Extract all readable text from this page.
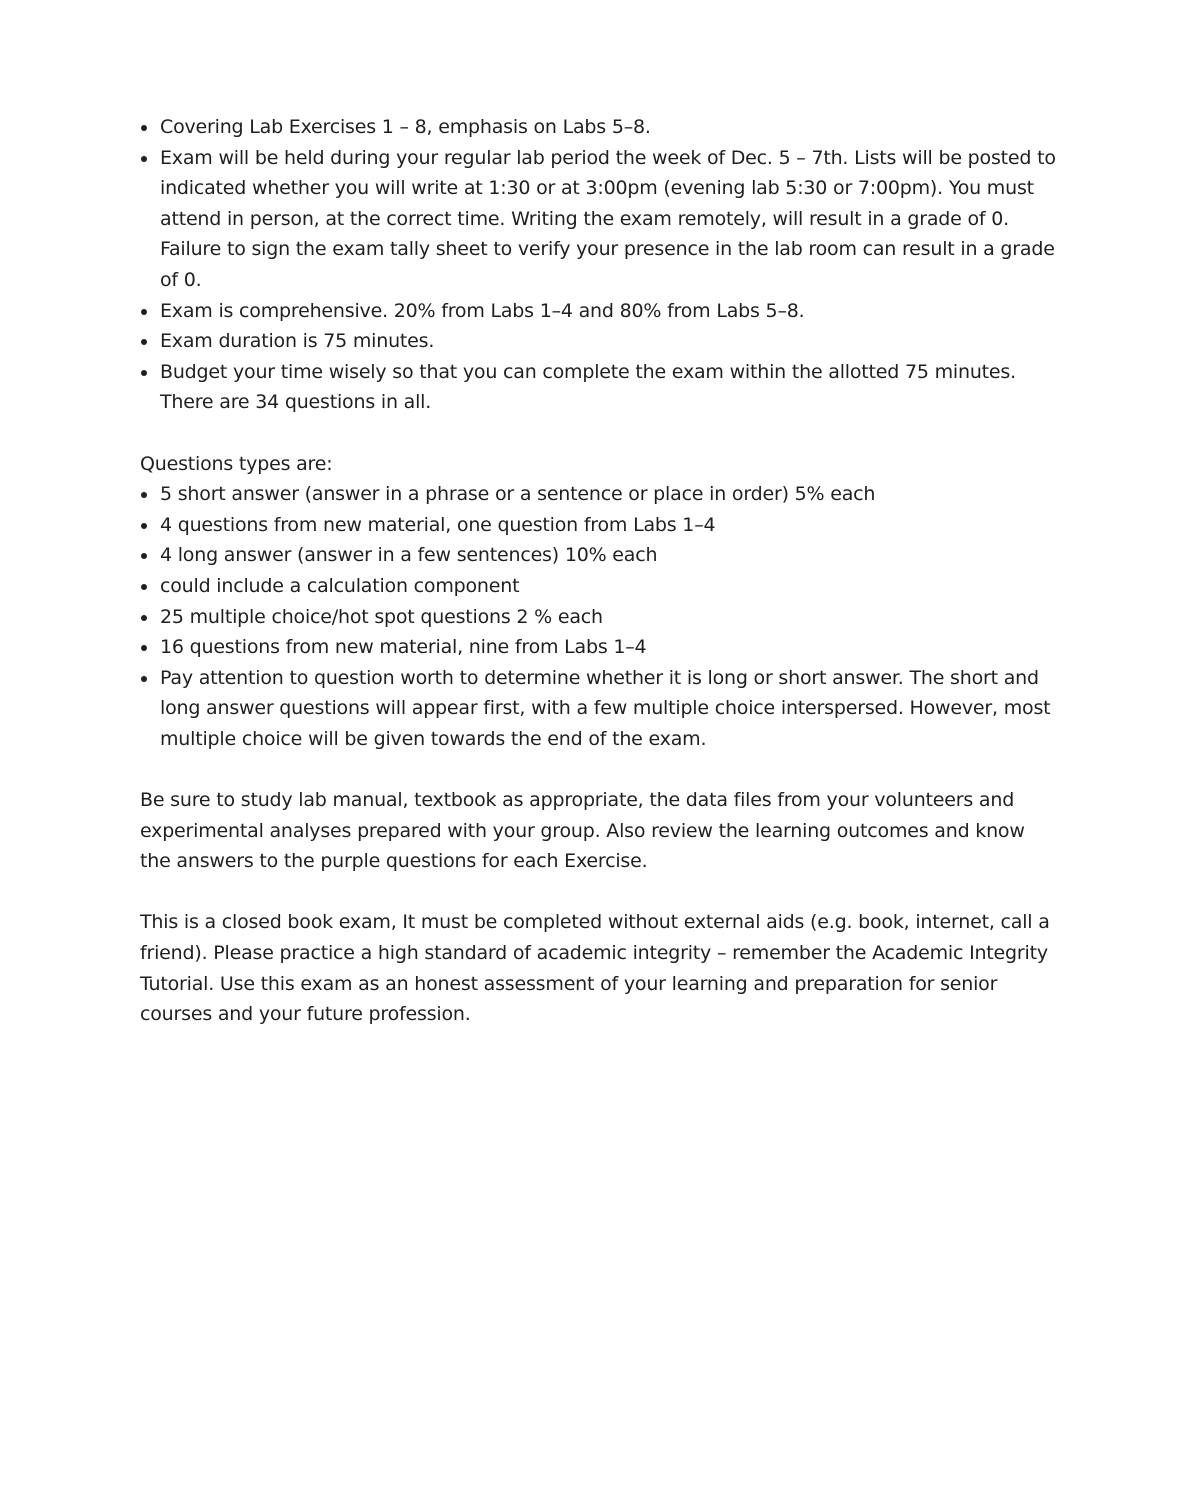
Covering Lab Exercises 1 – 8, emphasis on Labs 5–8.
Exam will be held during your regular lab period the week of Dec. 5 – 7th. Lists will be posted to indicated whether you will write at 1:30 or at 3:00pm (evening lab 5:30 or 7:00pm). You must attend in person, at the correct time. Writing the exam remotely, will result in a grade of 0. Failure to sign the exam tally sheet to verify your presence in the lab room can result in a grade of 0.
Exam is comprehensive. 20% from Labs 1–4 and 80% from Labs 5–8.
Exam duration is 75 minutes.
Budget your time wisely so that you can complete the exam within the allotted 75 minutes. There are 34 questions in all.

Questions types are:

5 short answer (answer in a phrase or a sentence or place in order) 5% each
4 questions from new material, one question from Labs 1–4
4 long answer (answer in a few sentences) 10% each
could include a calculation component
25 multiple choice/hot spot questions 2 % each
16 questions from new material, nine from Labs 1–4
Pay attention to question worth to determine whether it is long or short answer. The short and long answer questions will appear first, with a few multiple choice interspersed. However, most multiple choice will be given towards the end of the exam.

Be sure to study lab manual, textbook as appropriate, the data files from your volunteers and experimental analyses prepared with your group. Also review the learning outcomes and know the answers to the purple questions for each Exercise.

This is a closed book exam, It must be completed without external aids (e.g. book, internet, call a friend). Please practice a high standard of academic integrity – remember the Academic Integrity Tutorial. Use this exam as an honest assessment of your learning and preparation for senior courses and your future profession.
